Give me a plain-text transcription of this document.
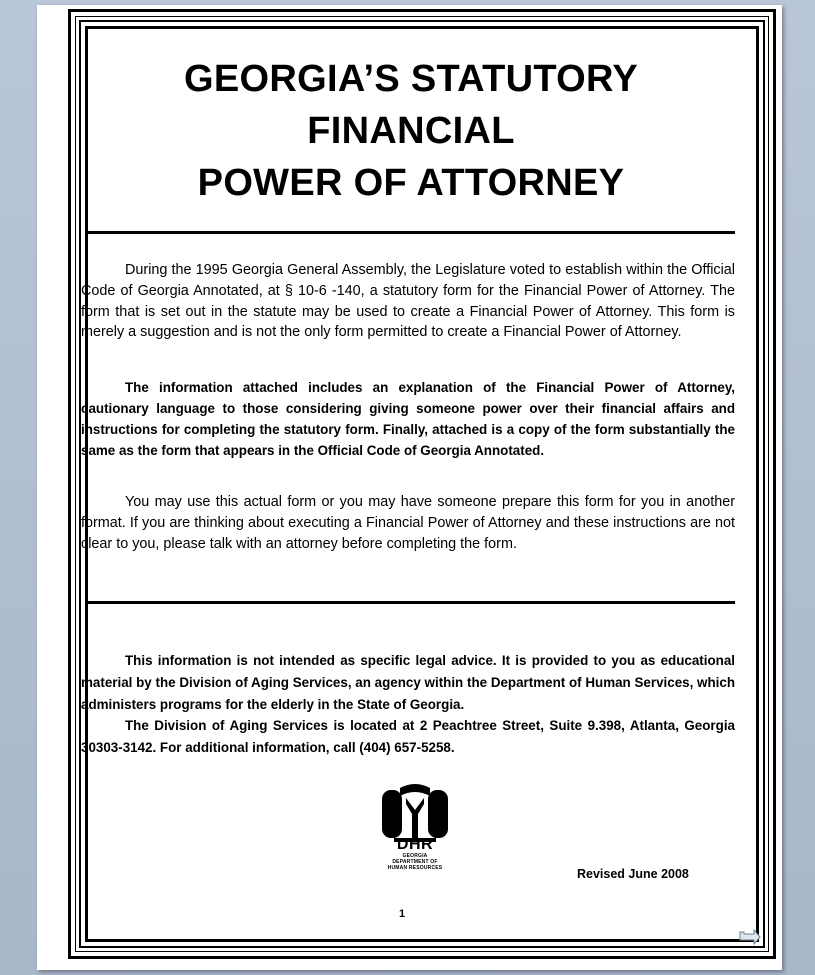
GEORGIA’S STATUTORY
FINANCIAL
POWER OF ATTORNEY

During the 1995 Georgia General Assembly, the Legislature voted to establish within the Official Code of Georgia Annotated, at § 10-6 -140, a statutory form for the Financial Power of Attorney. The form that is set out in the statute may be used to create a Financial Power of Attorney. This form is merely a suggestion and is not the only form permitted to create a Financial Power of Attorney.

The information attached includes an explanation of the Financial Power of Attorney, cautionary language to those considering giving someone power over their financial affairs and instructions for completing the statutory form. Finally, attached is a copy of the form substantially the same as the form that appears in the Official Code of Georgia Annotated.

You may use this actual form or you may have someone prepare this form for you in another format. If you are thinking about executing a Financial Power of Attorney and these instructions are not clear to you, please talk with an attorney before completing the form.

This information is not intended as specific legal advice. It is provided to you as educational material by the Division of Aging Services, an agency within the Department of Human Services, which administers programs for the elderly in the State of Georgia.

The Division of Aging Services is located at 2 Peachtree Street, Suite 9.398, Atlanta, Georgia 30303-3142. For additional information, call (404) 657-5258.

DHR
GEORGIA
DEPARTMENT OF
HUMAN RESOURCES	Revised June 2008
1
